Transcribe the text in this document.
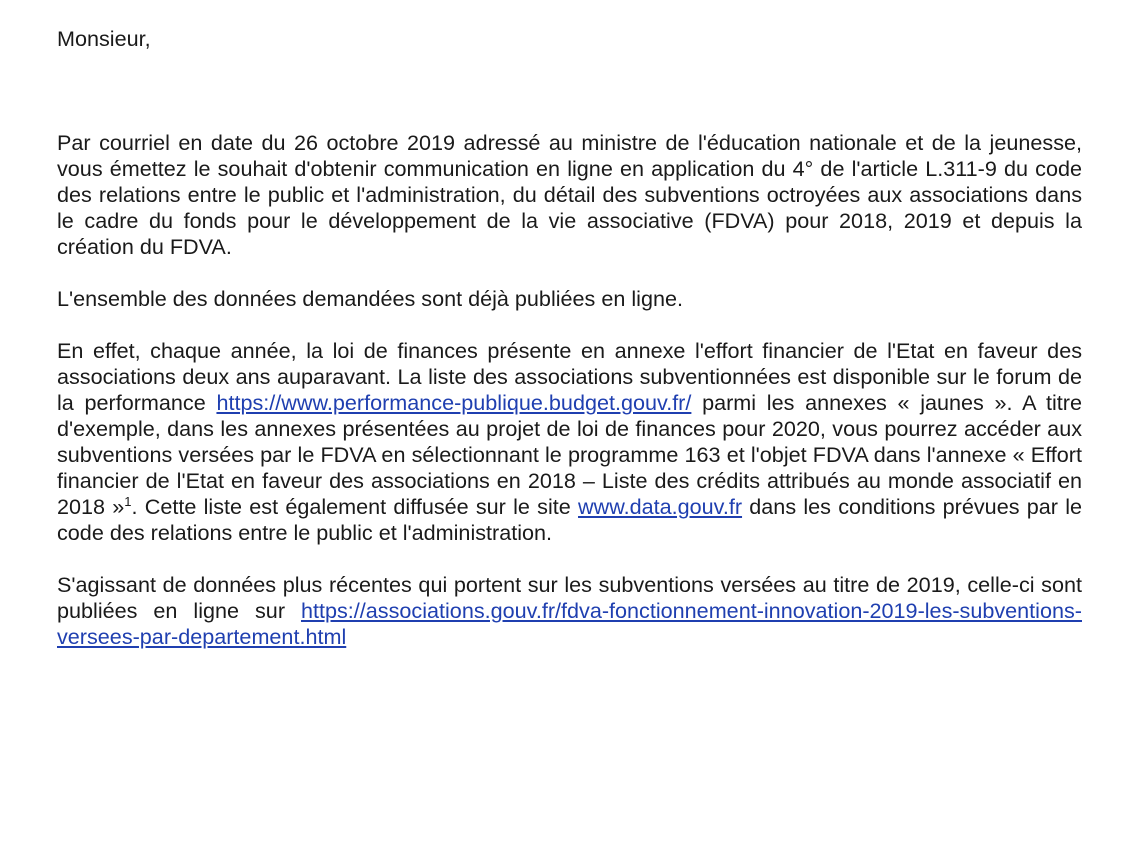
Monsieur,

Par courriel en date du 26 octobre 2019 adressé au ministre de l'éducation nationale et de la jeunesse, vous émettez le souhait d'obtenir communication en ligne en application du 4° de l'article L.311-9 du code des relations entre le public et l'administration, du détail des subventions octroyées aux associations dans le cadre du fonds pour le développement de la vie associative (FDVA) pour 2018, 2019 et depuis la création du FDVA.

L'ensemble des données demandées sont déjà publiées en ligne.

En effet, chaque année, la loi de finances présente en annexe l'effort financier de l'Etat en faveur des associations deux ans auparavant. La liste des associations subventionnées est disponible sur le forum de la performance https://www.performance-publique.budget.gouv.fr/ parmi les annexes « jaunes ». A titre d'exemple, dans les annexes présentées au projet de loi de finances pour 2020, vous pourrez accéder aux subventions versées par le FDVA en sélectionnant le programme 163 et l'objet FDVA dans l'annexe « Effort financier de l'Etat en faveur des associations en 2018 – Liste des crédits attribués au monde associatif en 2018 »$^1$. Cette liste est également diffusée sur le site www.data.gouv.fr dans les conditions prévues par le code des relations entre le public et l'administration.

S'agissant de données plus récentes qui portent sur les subventions versées au titre de 2019, celle-ci sont publiées en ligne sur https://associations.gouv.fr/fdva-fonctionnement-innovation-2019-les-subventions-versees-par-departement.html
